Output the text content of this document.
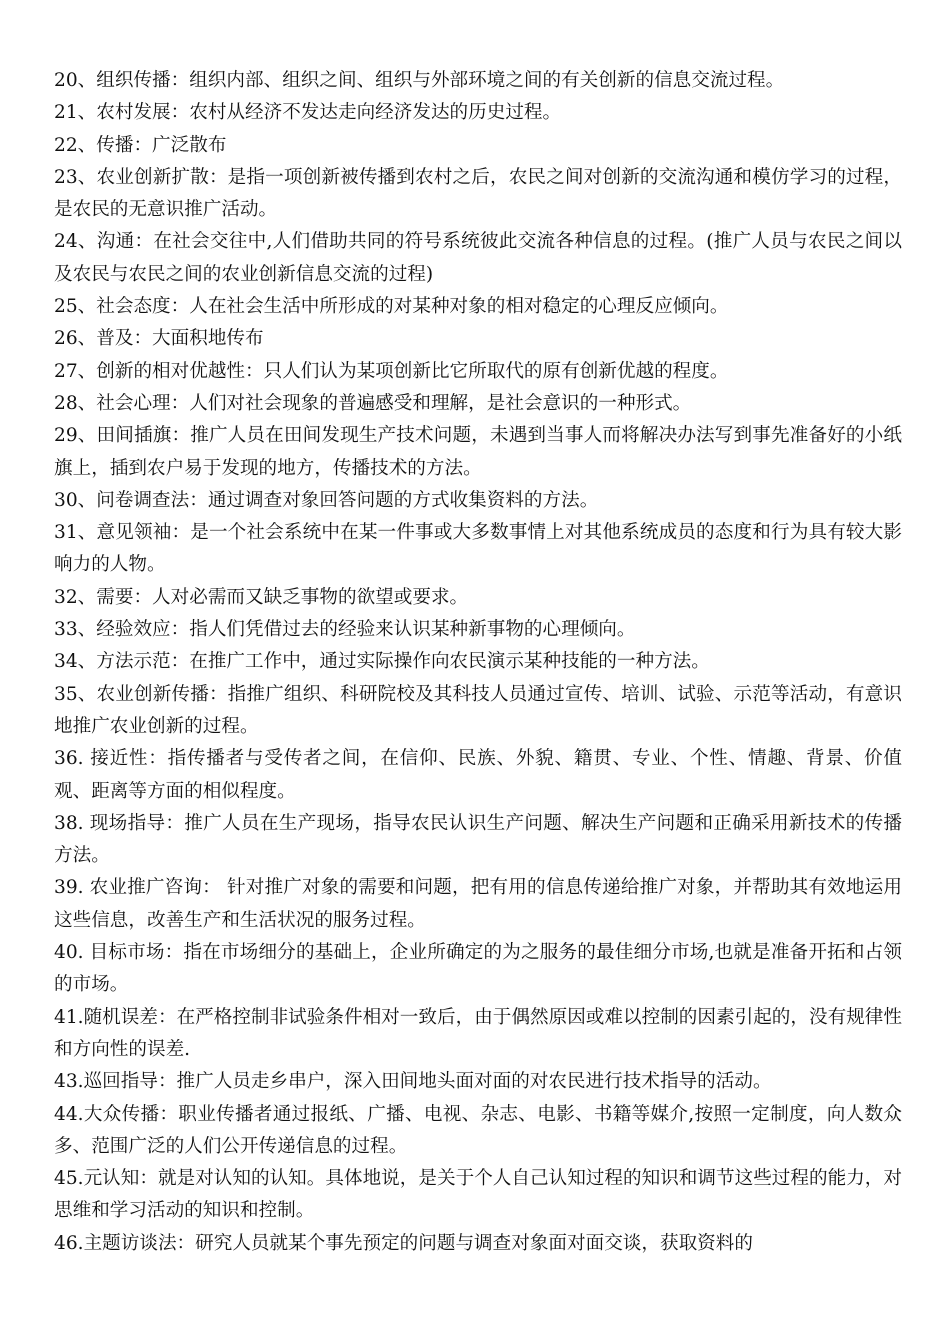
20、组织传播：组织内部、组织之间、组织与外部环境之间的有关创新的信息交流过程。

21、农村发展：农村从经济不发达走向经济发达的历史过程。

22、传播：广泛散布

23、农业创新扩散：是指一项创新被传播到农村之后，农民之间对创新的交流沟通和模仿学习的过程，是农民的无意识推广活动。

24、沟通：在社会交往中,人们借助共同的符号系统彼此交流各种信息的过程。(推广人员与农民之间以及农民与农民之间的农业创新信息交流的过程)

25、社会态度：人在社会生活中所形成的对某种对象的相对稳定的心理反应倾向。

26、普及：大面积地传布

27、创新的相对优越性：只人们认为某项创新比它所取代的原有创新优越的程度。

28、社会心理：人们对社会现象的普遍感受和理解，是社会意识的一种形式。

29、田间插旗：推广人员在田间发现生产技术问题，未遇到当事人而将解决办法写到事先准备好的小纸旗上，插到农户易于发现的地方，传播技术的方法。

30、问卷调查法：通过调查对象回答问题的方式收集资料的方法。

31、意见领袖：是一个社会系统中在某一件事或大多数事情上对其他系统成员的态度和行为具有较大影响力的人物。

32、需要：人对必需而又缺乏事物的欲望或要求。

33、经验效应：指人们凭借过去的经验来认识某种新事物的心理倾向。

34、方法示范：在推广工作中，通过实际操作向农民演示某种技能的一种方法。

35、农业创新传播：指推广组织、科研院校及其科技人员通过宣传、培训、试验、示范等活动，有意识地推广农业创新的过程。

36. 接近性：指传播者与受传者之间，在信仰、民族、外貌、籍贯、专业、个性、情趣、背景、价值观、距离等方面的相似程度。

38. 现场指导：推广人员在生产现场，指导农民认识生产问题、解决生产问题和正确采用新技术的传播方法。

39. 农业推广咨询： 针对推广对象的需要和问题，把有用的信息传递给推广对象，并帮助其有效地运用这些信息，改善生产和生活状况的服务过程。

40. 目标市场：指在市场细分的基础上，企业所确定的为之服务的最佳细分市场,也就是准备开拓和占领的市场。

41.随机误差：在严格控制非试验条件相对一致后，由于偶然原因或难以控制的因素引起的，没有规律性和方向性的误差.

43.巡回指导：推广人员走乡串户，深入田间地头面对面的对农民进行技术指导的活动。

44.大众传播：职业传播者通过报纸、广播、电视、杂志、电影、书籍等媒介,按照一定制度，向人数众多、范围广泛的人们公开传递信息的过程。

45.元认知：就是对认知的认知。具体地说，是关于个人自己认知过程的知识和调节这些过程的能力，对思维和学习活动的知识和控制。

46.主题访谈法：研究人员就某个事先预定的问题与调查对象面对面交谈，获取资料的
